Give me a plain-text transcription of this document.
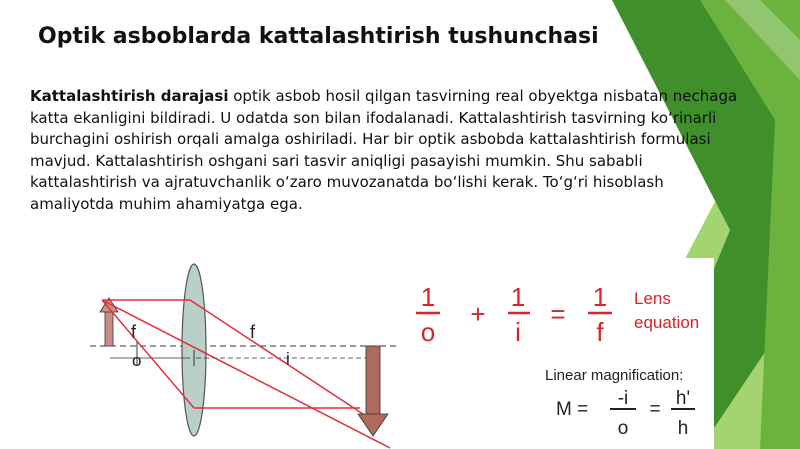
Optik asboblarda kattalashtirish tushunchasi
Kattalashtirish darajasi optik asbob hosil qilgan tasvirning real obyektga nisbatan nechaga katta ekanligini bildiradi. U odatda son bilan ifodalanadi. Kattalashtirish tasvirning koʻrinarli burchagini oshirish orqali amalga oshiriladi. Har bir optik asbobda kattalashtirish formulasi mavjud. Kattalashtirish oshgani sari tasvir aniqligi pasayishi mumkin. Shu sababli kattalashtirish va ajratuvchanlik oʻzaro muvozanatda boʻlishi kerak. Toʻgʻri hisoblash amaliyotda muhim ahamiyatga ega.
f	f
o	i
1
o
+
1
i
=
1
f
Lens
equation
Linear magnification:
M =
-i
o
=
h'
h
